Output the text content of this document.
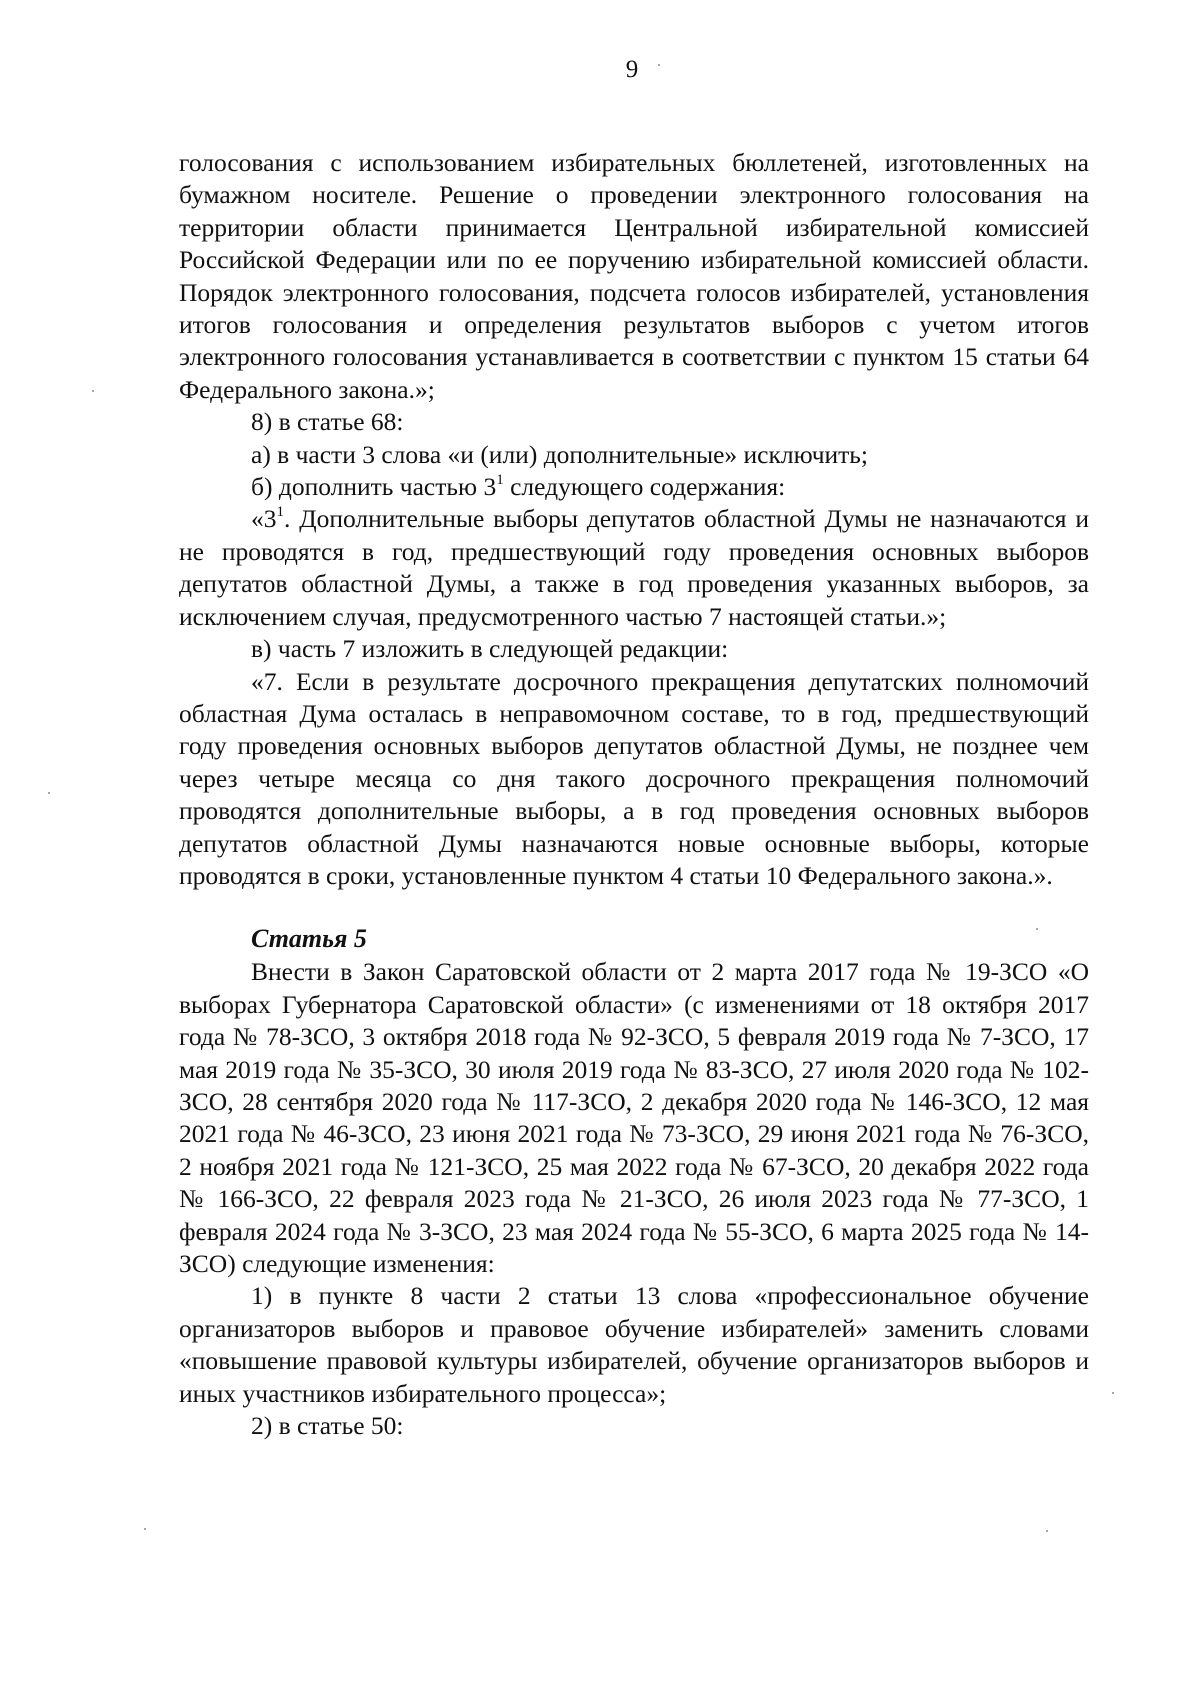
9

голосования с использованием избирательных бюллетеней, изготовленных на бумажном носителе. Решение о проведении электронного голосования на территории области принимается Центральной избирательной комиссией Российской Федерации или по ее поручению избирательной комиссией области. Порядок электронного голосования, подсчета голосов избирателей, установления итогов голосования и определения результатов выборов с учетом итогов электронного голосования устанавливается в соответствии с пунктом 15 статьи 64 Федерального закона.»;

8) в статье 68:

а) в части 3 слова «и (или) дополнительные» исключить;

б) дополнить частью $3^1$ следующего содержания:

«$3^1$. Дополнительные выборы депутатов областной Думы не назначаются и не проводятся в год, предшествующий году проведения основных выборов депутатов областной Думы, а также в год проведения указанных выборов, за исключением случая, предусмотренного частью 7 настоящей статьи.»;

в) часть 7 изложить в следующей редакции:

«7. Если в результате досрочного прекращения депутатских полномочий областная Дума осталась в неправомочном составе, то в год, предшествующий году проведения основных выборов депутатов областной Думы, не позднее чем через четыре месяца со дня такого досрочного прекращения полномочий проводятся дополнительные выборы, а в год проведения основных выборов депутатов областной Думы назначаются новые основные выборы, которые проводятся в сроки, установленные пунктом 4 статьи 10 Федерального закона.».

Статья 5

Внести в Закон Саратовской области от 2 марта 2017 года № 19-ЗСО «О выборах Губернатора Саратовской области» (с изменениями от 18 октября 2017 года № 78-ЗСО, 3 октября 2018 года № 92-ЗСО, 5 февраля 2019 года № 7-ЗСО, 17 мая 2019 года № 35-ЗСО, 30 июля 2019 года № 83-ЗСО, 27 июля 2020 года № 102-ЗСО, 28 сентября 2020 года № 117-ЗСО, 2 декабря 2020 года № 146-ЗСО, 12 мая 2021 года № 46-ЗСО, 23 июня 2021 года № 73-ЗСО, 29 июня 2021 года № 76-ЗСО, 2 ноября 2021 года № 121-ЗСО, 25 мая 2022 года № 67-ЗСО, 20 декабря 2022 года № 166-ЗСО, 22 февраля 2023 года № 21-ЗСО, 26 июля 2023 года № 77-ЗСО, 1 февраля 2024 года № 3-ЗСО, 23 мая 2024 года № 55-ЗСО, 6 марта 2025 года № 14-ЗСО) следующие изменения:

1) в пункте 8 части 2 статьи 13 слова «профессиональное обучение организаторов выборов и правовое обучение избирателей» заменить словами «повышение правовой культуры избирателей, обучение организаторов выборов и иных участников избирательного процесса»;

2) в статье 50:
